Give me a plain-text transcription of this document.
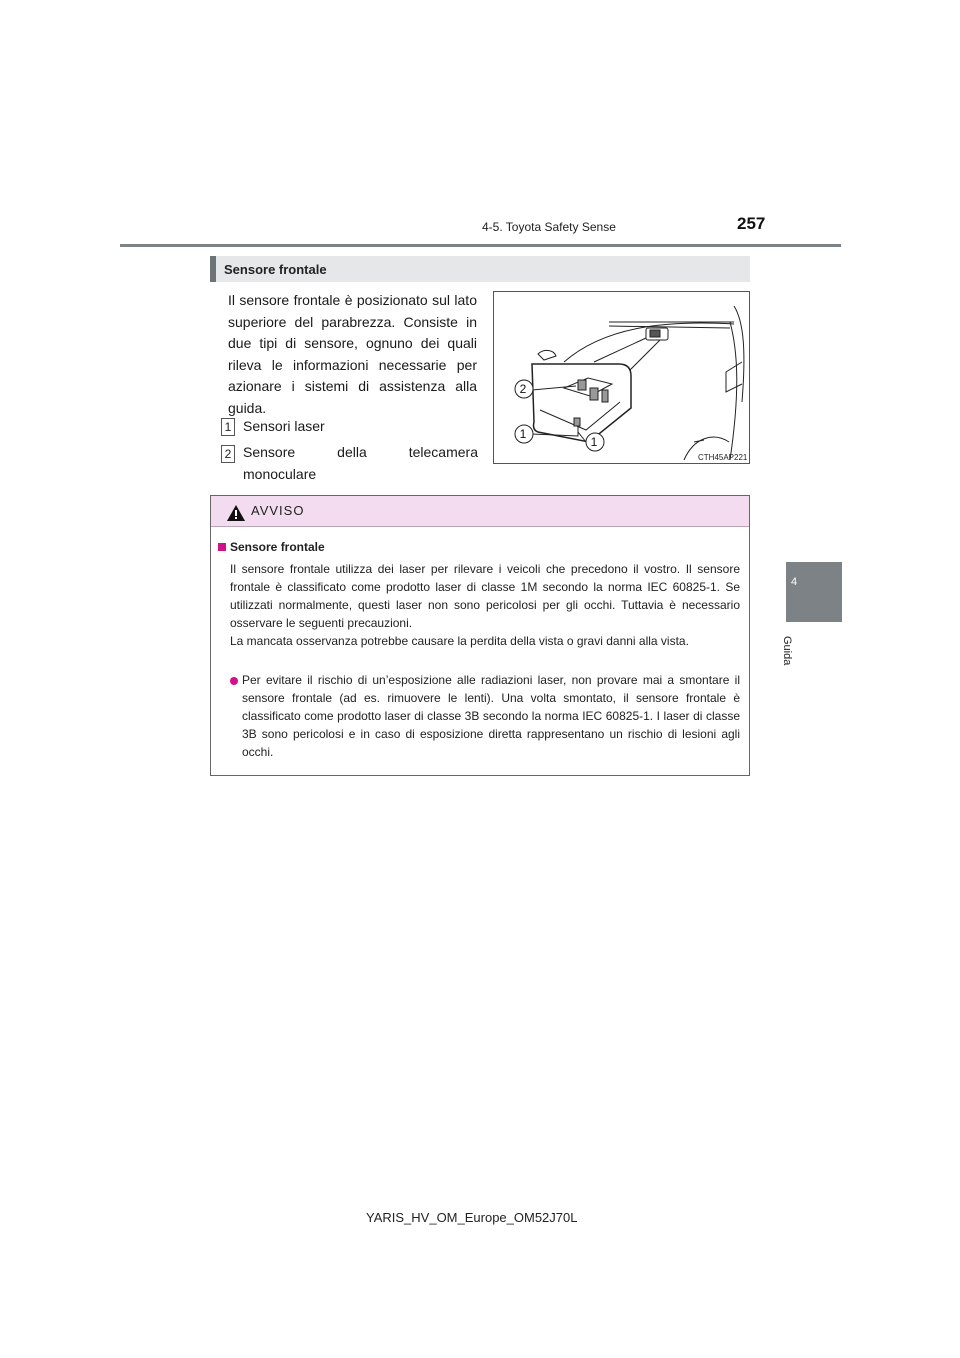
4-5. Toyota Safety Sense	257
4
Guida
Sensore frontale
Il sensore frontale è posizionato sul lato superiore del parabrezza. Consiste in due tipi di sensore, ognuno dei quali rileva le informazioni necessarie per azionare i sistemi di assistenza alla guida.
1 Sensori laser
2 Sensore della telecamera monoculare
2
1
1
CTH45AP221
AVVISO
Sensore frontale
Il sensore frontale utilizza dei laser per rilevare i veicoli che precedono il vostro. Il sensore frontale è classificato come prodotto laser di classe 1M secondo la norma IEC 60825-1. Se utilizzati normalmente, questi laser non sono pericolosi per gli occhi. Tuttavia è necessario osservare le seguenti precauzioni.
La mancata osservanza potrebbe causare la perdita della vista o gravi danni alla vista.
Per evitare il rischio di un’esposizione alle radiazioni laser, non provare mai a smontare il sensore frontale (ad es. rimuovere le lenti). Una volta smontato, il sensore frontale è classificato come prodotto laser di classe 3B secondo la norma IEC 60825-1. I laser di classe 3B sono pericolosi e in caso di esposizione diretta rappresentano un rischio di lesioni agli occhi.
YARIS_HV_OM_Europe_OM52J70L
